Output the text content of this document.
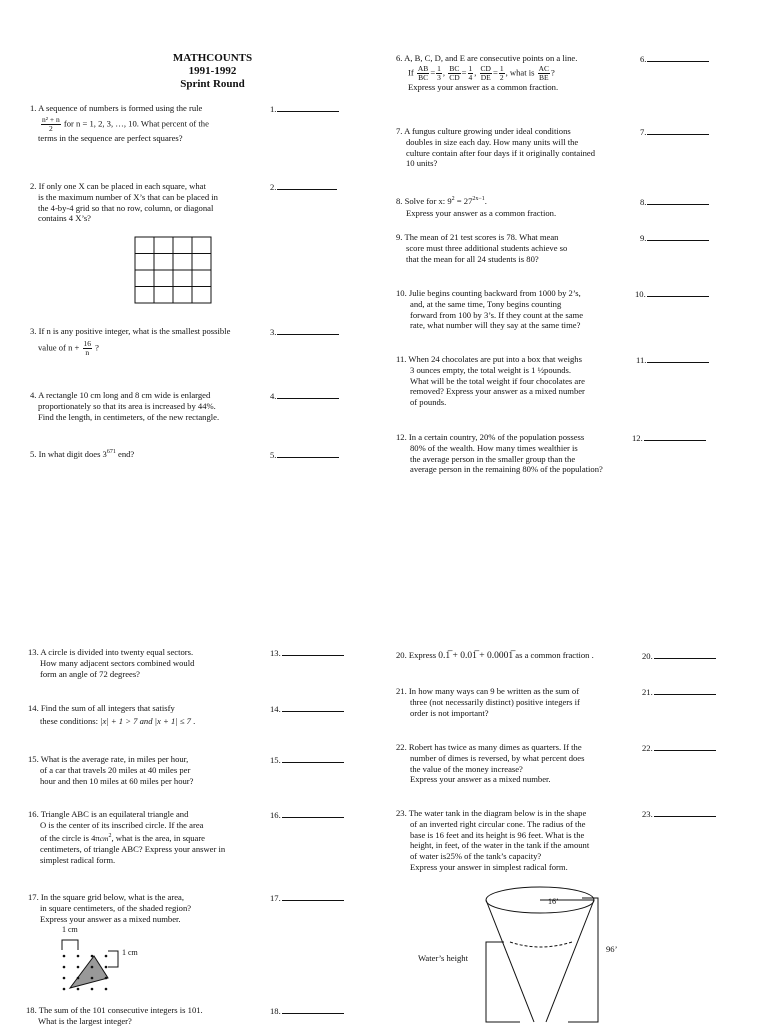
MATHCOUNTS
1991-1992
Sprint Round
1. A sequence of numbers is formed using the rule
$\frac{\text{n² + n}}{2}$ for n = 1, 2, 3, …, 10. What percent of the
terms in the sequence are perfect squares?
1.
2. If only one X can be placed in each square, what
is the maximum number of X’s that can be placed in
the 4-by-4 grid so that no row, column, or diagonal
contains 4 X’s?
2.
3. If n is any positive integer, what is the smallest possible
value of $n + \frac{16}{n}$ ?
3.
4. A rectangle 10 cm long and 8 cm wide is enlarged
proportionately so that its area is increased by 44%.
Find the length, in centimeters, of the new rectangle.
4.
5. In what digit does $3^{671}$ end?	5.
13. A circle is divided into twenty equal sectors.
How many adjacent sectors combined would
form an angle of 72 degrees?
13.
14. Find the sum of all integers that satisfy
these conditions: |x| + 1 > 7 and |x + 1| ≤ 7 .
14.
15. What is the average rate, in miles per hour,
of a car that travels 20 miles at 40 miles per
hour and then 10 miles at 60 miles per hour?
15.
16. Triangle ABC is an equilateral triangle and
O is the center of its inscribed circle. If the area
of the circle is 4πcm$^2$, what is the area, in square
centimeters, of triangle ABC? Express your answer in
simplest radical form.
16.
17. In the square grid below, what is the area,
in square centimeters, of the shaded region?
Express your answer as a mixed number.
17.
1 cm
1 cm
18. The sum of the 101 consecutive integers is 101.
What is the largest integer?
18.
6. A, B, C, D, and E are consecutive points on a line.
If $\frac{AB}{BC} = \frac{1}{3}$ , $\frac{BC}{CD} = \frac{1}{4}$ , $\frac{CD}{DE} = \frac{1}{2}$ , what is $\frac{AC}{BE}$ ?
Express your answer as a common fraction.
6.
7. A fungus culture growing under ideal conditions
doubles in size each day. How many units will the
culture contain after four days if it originally contained
10 units?
7.
8. Solve for x: $9^2 = 27^{2x-1}$.
Express your answer as a common fraction.
8.
9. The mean of 21 test scores is 78. What mean
score must three additional students achieve so
that the mean for all 24 students is 80?
9.
10. Julie begins counting backward from 1000 by 2’s,
and, at the same time, Tony begins counting
forward from 100 by 3’s. If they count at the same
rate, what number will they say at the same time?
10.
11. When 24 chocolates are put into a box that weighs
3 ounces empty, the total weight is 1 ½pounds.
What will be the total weight if four chocolates are
removed? Express your answer as a mixed number
of pounds.
11.
12. In a certain country, 20% of the population possess
80% of the wealth. How many times wealthier is
the average person in the smaller group than the
average person in the remaining 80% of the population?
12.
20. Express 0.1̅ + 0.01̅ + 0.0001̅ as a common fraction .	20.
21. In how many ways can 9 be written as the sum of
three (not necessarily distinct) positive integers if
order is not important?
21.
22. Robert has twice as many dimes as quarters. If the
number of dimes is reversed, by what percent does
the value of the money increase?
Express your answer as a mixed number.
22.
23. The water tank in the diagram below is in the shape
of an inverted right circular cone. The radius of the
base is 16 feet and its height is 96 feet. What is the
height, in feet, of the water in the tank if the amount
of water is25% of the tank’s capacity?
Express your answer in simplest radical form.
23.
16’
96’
Water’s height
